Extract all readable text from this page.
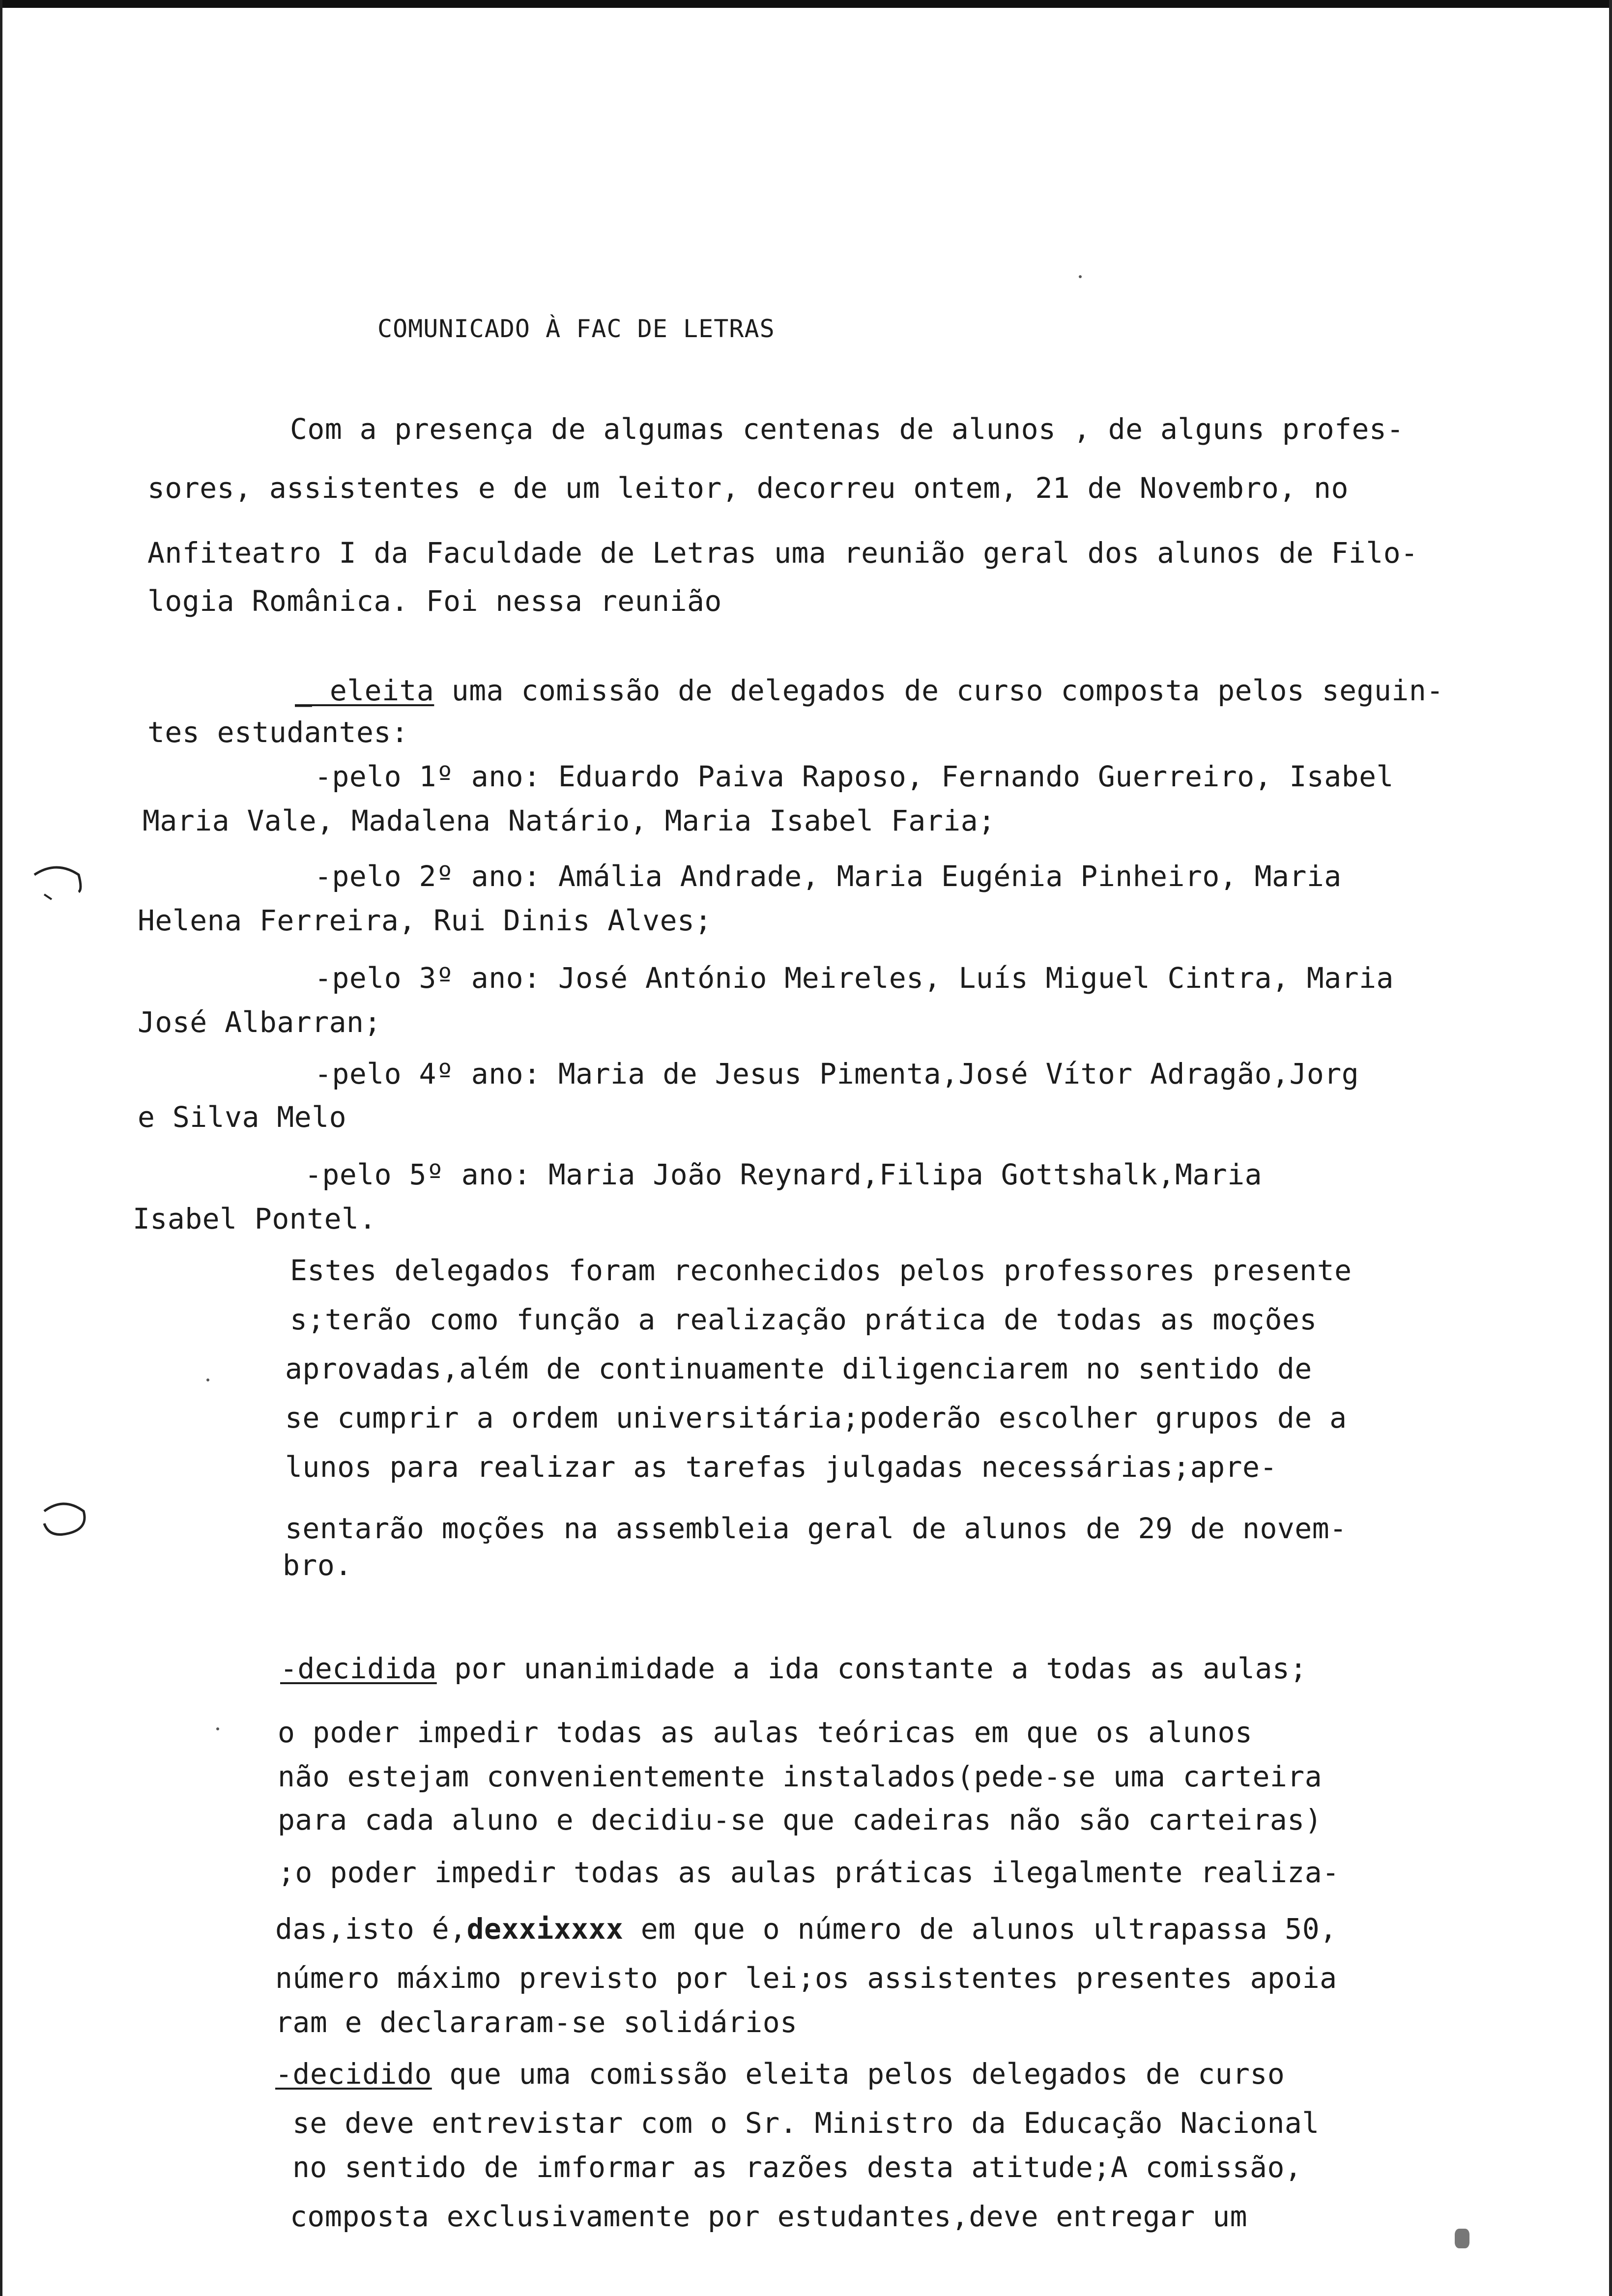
COMUNICADO À FAC DE LETRAS
Com a presença de algumas centenas de alunos , de alguns profes-
sores, assistentes e de um leitor, decorreu ontem, 21 de Novembro, no
Anfiteatro I da Faculdade de Letras uma reunião geral dos alunos de Filo-
logia Românica. Foi nessa reunião
_ eleita uma comissão de delegados de curso composta pelos seguin-
tes estudantes:
-pelo 1º ano: Eduardo Paiva Raposo, Fernando Guerreiro, Isabel
Maria Vale, Madalena Natário, Maria Isabel Faria;
-pelo 2º ano: Amália Andrade, Maria Eugénia Pinheiro, Maria
Helena Ferreira, Rui Dinis Alves;
-pelo 3º ano: José António Meireles, Luís Miguel Cintra, Maria
José Albarran;
-pelo 4º ano: Maria de Jesus Pimenta,José Vítor Adragão,Jorg
e Silva Melo
-pelo 5º ano: Maria João Reynard,Filipa Gottshalk,Maria
Isabel Pontel.
Estes delegados foram reconhecidos pelos professores presente
s;terão como função a realização prática de todas as moções
aprovadas,além de continuamente diligenciarem no sentido de
se cumprir a ordem universitária;poderão escolher grupos de a
lunos para realizar as tarefas julgadas necessárias;apre-
sentarão moções na assembleia geral de alunos de 29 de novem-
bro.
-decidida por unanimidade a ida constante a todas as aulas;
o poder impedir todas as aulas teóricas em que os alunos
não estejam convenientemente instalados(pede-se uma carteira
para cada aluno e decidiu-se que cadeiras não são carteiras)
;o poder impedir todas as aulas práticas ilegalmente realiza-
das,isto é,dexxixxxx em que o número de alunos ultrapassa 50,
número máximo previsto por lei;os assistentes presentes apoia
ram e declararam-se solidários
-decidido que uma comissão eleita pelos delegados de curso
se deve entrevistar com o Sr. Ministro da Educação Nacional
no sentido de imformar as razões desta atitude;A comissão,
composta exclusivamente por estudantes,deve entregar um
